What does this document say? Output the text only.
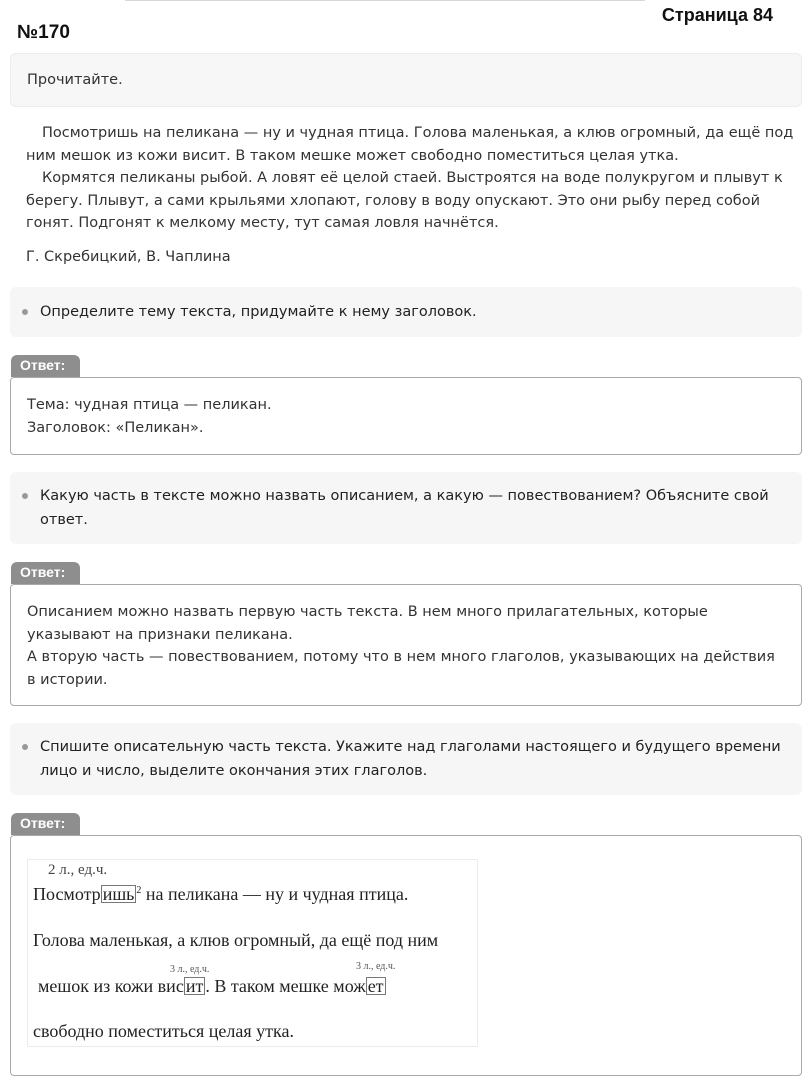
Страница 84
№170
Прочитайте.

Посмотришь на пеликана — ну и чудная птица. Голова маленькая, а клюв огромный, да ещё под ним мешок из кожи висит. В таком мешке может свободно поместиться целая утка.

Кормятся пеликаны рыбой. А ловят её целой стаей. Выстроятся на воде полукругом и плывут к берегу. Плывут, а сами крыльями хлопают, голову в воду опускают. Это они рыбу перед собой гонят. Подгонят к мелкому месту, тут самая ловля начнётся.

Г. Скребицкий, В. Чаплина
Определите тему текста, придумайте к нему заголовок.
Ответ:
Тема: чудная птица — пеликан.
Заголовок: «Пеликан».
Какую часть в тексте можно назвать описанием, а какую — повествованием? Объясните свой ответ.
Ответ:
Описанием можно назвать первую часть текста. В нем много прилагательных, которые указывают на признаки пеликана.
А вторую часть — повествованием, потому что в нем много глаголов, указывающих на действия в истории.
Спишите описательную часть текста. Укажите над глаголами настоящего и будущего времени лицо и число, выделите окончания этих глаголов.
Ответ:
2 л., ед.ч.
Посмотр ишь $^2$ на пеликана — ну и чудная птица.
Голова маленькая, а клюв огромный, да ещё под ним
3 л., ед.ч.	3 л., ед.ч.
мешок из кожи вис ит . В таком мешке мож ет
свободно поместиться целая утка.
